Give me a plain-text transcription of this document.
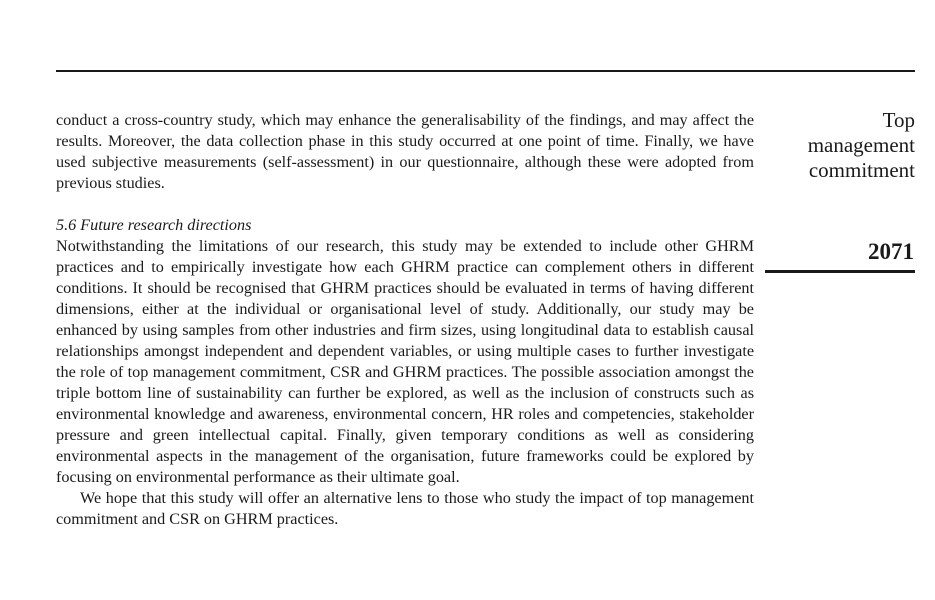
conduct a cross-country study, which may enhance the generalisability of the findings, and may affect the results. Moreover, the data collection phase in this study occurred at one point of time. Finally, we have used subjective measurements (self-assessment) in our questionnaire, although these were adopted from previous studies.

5.6 Future research directions

Notwithstanding the limitations of our research, this study may be extended to include other GHRM practices and to empirically investigate how each GHRM practice can complement others in different conditions. It should be recognised that GHRM practices should be evaluated in terms of having different dimensions, either at the individual or organisational level of study. Additionally, our study may be enhanced by using samples from other industries and firm sizes, using longitudinal data to establish causal relationships amongst independent and dependent variables, or using multiple cases to further investigate the role of top management commitment, CSR and GHRM practices. The possible association amongst the triple bottom line of sustainability can further be explored, as well as the inclusion of constructs such as environmental knowledge and awareness, environmental concern, HR roles and competencies, stakeholder pressure and green intellectual capital. Finally, given temporary conditions as well as considering environmental aspects in the management of the organisation, future frameworks could be explored by focusing on environmental performance as their ultimate goal.

We hope that this study will offer an alternative lens to those who study the impact of top management commitment and CSR on GHRM practices.

Top
management
commitment
2071
